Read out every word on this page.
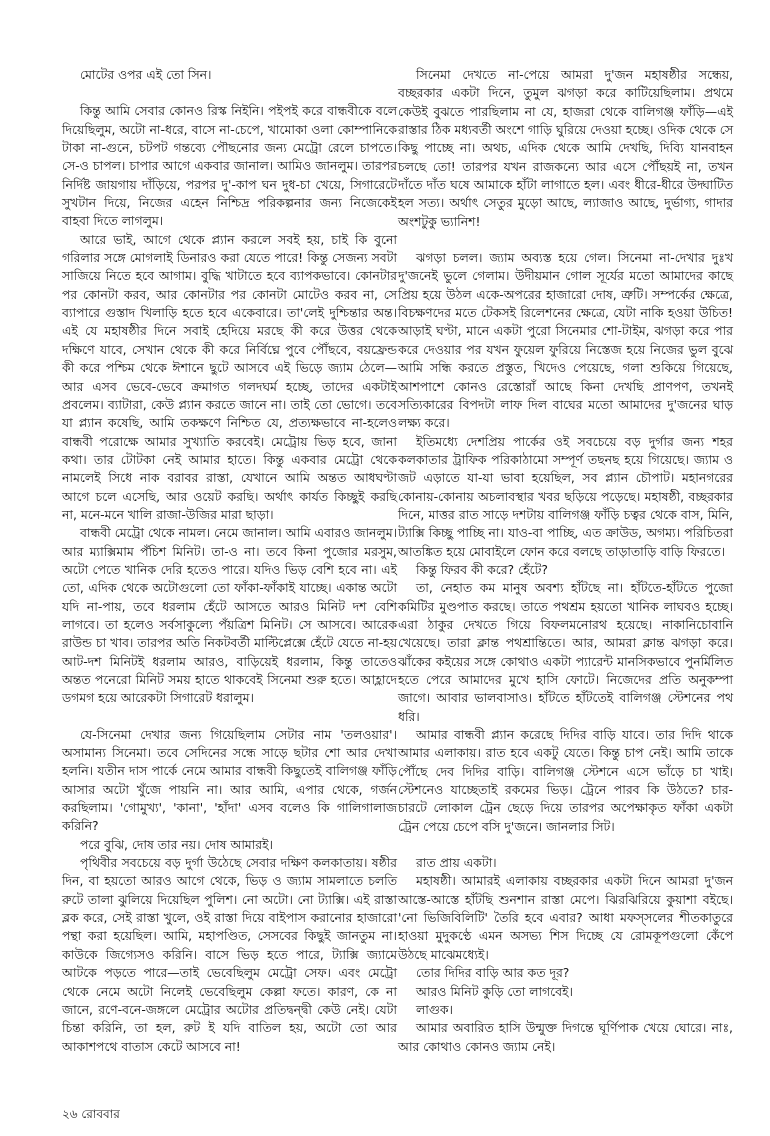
মোটের ওপর এই তো সিন।

কিন্তু আমি সেবার কোনও রিস্ক নিইনি। পইপই করে বান্ধবীকে বলে দিয়েছিলুম, অটো না-ধরে, বাসে না-চেপে, খামোকা ওলা কোম্পানিকে টাকা না-গুনে, চটপট গন্তব্যে পৌছনোর জন্য মেট্রো রেলে চাপতে। সে-ও চাপল। চাপার আগে একবার জানাল। আমিও জানলুম। তারপর নির্দিষ্ট জায়গায় দাঁড়িয়ে, পরপর দু'-কাপ ঘন দুধ-চা খেয়ে, সিগারেটে সুখটান দিয়ে, নিজের এহেন নিশ্চিদ্র পরিকল্পনার জন্য নিজেকেই বাহবা দিতে লাগলুম।

আরে ভাই, আগে থেকে প্ল্যান করলে সবই হয়, চাই কি বুনো গরিলার সঙ্গে মোগলাই ডিনারও করা যেতে পারে! কিন্তু সেজন্য সবটা সাজিয়ে নিতে হবে আগাম। বুদ্ধি খাটাতে হবে ব্যাপকভাবে। কোনটার পর কোনটা করব, আর কোনটার পর কোনটা মোটেও করব না, সে ব্যাপারে গুস্তাদ খিলাড়ি হতে হবে একেবারে। তা'লেই দুশ্চিন্তার অন্ত। এই যে মহাষষ্ঠীর দিনে সবাই হেদিয়ে মরছে কী করে উত্তর থেকে দক্ষিণে যাবে, সেখান থেকে কী করে নির্বিঘ্নে পুবে পৌঁছবে, বয়ফ্রেন্ড কী করে পশ্চিম থেকে ঈশানে ছুটে আসবে এই ভিড়ে জ্যাম ঠেলে—আর এসব ভেবে-ভেবে ক্রমাগত গলদঘর্ম হচ্ছে, তাদের একটাই প্রবলেম। ব্যাটারা, কেউ প্ল্যান করতে জানে না। তাই তো ভোগে। তবে যা প্ল্যান কষেছি, আমি তকক্ষণে নিশ্চিত যে, প্রত্যক্ষভাবে না-হলেও বান্ধবী পরোক্ষে আমার সুখ্যাতি করবেই। মেট্রোয় ভিড় হবে, জানা কথা। তার টোটকা নেই আমার হাতে। কিন্তু একবার মেট্রো থেকে নামলেই সিধে নাক বরাবর রাস্তা, যেখানে আমি অন্তত আধঘণ্টা আগে চলে এসেছি, আর ওয়েট করছি। অর্থাৎ কার্যত কিচ্ছুই করছি না, মনে-মনে খালি রাজা-উজির মারা ছাড়া।

বান্ধবী মেট্রো থেকে নামল। নেমে জানাল। আমি এবারও জানলুম। আর ম্যাক্সিমাম পঁচিশ মিনিট। তা-ও না। তবে কিনা পুজোর মরসুম, অটো পেতে খানিক দেরি হতেও পারে। যদিও ভিড় বেশি হবে না। এই তো, এদিক থেকে অটোগুলো তো ফাঁকা-ফাঁকাই যাচ্ছে। একান্ত অটো যদি না-পায়, তবে ধরলাম হেঁটে আসতে আরও মিনিট দশ বেশি লাগবে। তা হলেও সর্বসাকুল্যে পঁয়ত্রিশ মিনিট। সে আসবে। আরেক রাউন্ড চা খাব। তারপর অতি নিকটবর্তী মাল্টিপ্লেক্সে হেঁটে যেতে না-হয় আট-দশ মিনিটই ধরলাম আরও, বাড়িয়েই ধরলাম, কিন্তু তাতেও অন্তত পনেরো মিনিট সময় হাতে থাকবেই সিনেমা শুরু হতে। আহ্লাদে ডগমগ হয়ে আরেকটা সিগারেট ধরালুম।

যে-সিনেমা দেখার জন্য গিয়েছিলাম সেটার নাম 'তলওয়ার'। অসামান্য সিনেমা। তবে সেদিনের সন্ধে সাড়ে ছটার শো আর দেখা হলনি। যতীন দাস পার্কে নেমে আমার বান্ধবী কিছুতেই বালিগঞ্জ ফাঁড়ি আসার অটো খুঁজে পায়নি না। আর আমি, এপার থেকে, গর্জন করছিলাম। 'গোমুখ্য', 'কানা', 'হাঁদা' এসব বলেও কি গালিগালাজ করিনি?

পরে বুঝি, দোষ তার নয়। দোষ আমারই।

পৃথিবীর সবচেয়ে বড় দুর্গা উঠেছে সেবার দক্ষিণ কলকাতায়। ষষ্ঠীর দিন, বা হয়তো আরও আগে থেকে, ভিড় ও জ্যাম সামলাতে চলতি রুটে তালা ঝুলিয়ে দিয়েছিল পুলিশ। নো অটো। নো ট্যাক্সি। এই রাস্তা ব্লক করে, সেই রাস্তা খুলে, ওই রাস্তা দিয়ে বাইপাস করানোর হাজারো পন্থা করা হয়েছিল। আমি, মহাপণ্ডিত, সেসবের কিছুই জানতুম না। কাউকে জিগ্যেসও করিনি। বাসে ভিড় হতে পারে, ট্যাক্সি জ্যামে আটকে পড়তে পারে—তাই ভেবেছিলুম মেট্রো সেফ। এবং মেট্রো থেকে নেমে অটো নিলেই ভেবেছিলুম কেল্লা ফতে। কারণ, কে না জানে, রণে-বনে-জঙ্গলে মেট্রোর অটোর প্রতিদ্বন্দ্বী কেউ নেই। যেটা চিন্তা করিনি, তা হল, রুট ই যদি বাতিল হয়, অটো তো আর আকাশপথে বাতাস কেটে আসবে না!

সিনেমা দেখতে না-পেয়ে আমরা দু'জন মহাষষ্ঠীর সন্ধেয়, বচ্ছরকার একটা দিনে, তুমুল ঝগড়া করে কাটিয়েছিলাম। প্রথমে কেউই বুঝতে পারছিলাম না যে, হাজরা থেকে বালিগঞ্জ ফাঁড়ি—এই রাস্তার ঠিক মধ্যবর্তী অংশে গাড়ি ঘুরিয়ে দেওয়া হচ্ছে। ওদিক থেকে সে কিছু পাচ্ছে না। অথচ, এদিক থেকে আমি দেখছি, দিব্যি যানবাহন চলছে তো! তারপর যখন রাজকন্যে আর এসে পৌঁছয়ই না, তখন দাঁতে দাঁত ঘষে আমাকে হাঁটা লাগাতে হল। এবং ধীরে-ধীরে উদ্ঘাটিত হল সত্য। অর্থাৎ সেতুর মুড়ো আছে, ল্যাজাও আছে, দুর্ভাগ্য, গাদার অংশটুকু ভ্যানিশ!

ঝগড়া চলল। জ্যাম অব্যস্ত হয়ে গেল। সিনেমা না-দেখার দুঃখ দু'জনেই ভুলে গেলাম। উদীয়মান গোল সূর্যের মতো আমাদের কাছে প্রিয় হয়ে উঠল একে-অপরের হাজারো দোষ, ত্রুটি। সম্পর্কের ক্ষেত্রে, বিচক্ষণদের মতে টেকসই রিলেশনের ক্ষেত্রে, যেটা নাকি হওয়া উচিত! আড়াই ঘণ্টা, মানে একটা পুরো সিনেমার শো-টাইম, ঝগড়া করে পার করে দেওয়ার পর যখন ফুয়েল ফুরিয়ে নিস্তেজ হয়ে নিজের ভুল বুঝে আমি সন্ধি করতে প্রস্তুত, খিদেও পেয়েছে, গলা শুকিয়ে গিয়েছে, আশপাশে কোনও রেস্তোরাঁ আছে কিনা দেখছি প্রাণপণ, তখনই সত্যিকারের বিপদটা লাফ দিল বাঘের মতো আমাদের দু'জনের ঘাড় লক্ষ্য করে।

ইতিমধ্যে দেশপ্রিয় পার্কের ওই সবচেয়ে বড় দুর্গার জন্য শহর কলকাতার ট্রাফিক পরিকাঠামো সম্পূর্ণ তছনছ হয়ে গিয়েছে। জ্যাম ও জট এড়াতে যা-যা ভাবা হয়েছিল, সব প্ল্যান চৌপাট। মহানগরের কোনায়-কোনায় অচলাবস্থার খবর ছড়িয়ে পড়েছে। মহাষষ্ঠী, বচ্ছরকার দিনে, মাত্তর রাত সাড়ে দশটায় বালিগঞ্জ ফাঁড়ি চত্বর থেকে বাস, মিনি, ট্যাক্সি কিচ্ছু পাচ্ছি না। যাও-বা পাচ্ছি, এত ক্রাউড, অগম্য। পরিচিতরা আতঙ্কিত হয়ে মোবাইলে ফোন করে বলছে তাড়াতাড়ি বাড়ি ফিরতে।

কিন্তু ফিরব কী করে? হেঁটে?

তা, নেহাত কম মানুষ অবশ্য হাঁটছে না। হাঁটতে-হাঁটতে পুজো কমিটির মুণ্ডপাত করছে। তাতে পথশ্রম হয়তো খানিক লাঘবও হচ্ছে। এরা ঠাকুর দেখতে গিয়ে বিফলমনোরথ হয়েছে। নাকানিচোবানি খেয়েছে। তারা ক্লান্ত পথশ্রান্তিতে। আর, আমরা ক্লান্ত ঝগড়া করে। ঝাঁকের কইয়ের সঙ্গে কোথাও একটা প্যারেন্ট মানসিকভাবে পুনর্মিলিত হতে পেরে আমাদের মুখে হাসি ফোটে। নিজেদের প্রতি অনুকম্পা জাগে। আবার ভালবাসাও। হাঁটতে হাঁটতেই বালিগঞ্জ স্টেশনের পথ ধরি।

আমার বান্ধবী প্ল্যান করেছে দিদির বাড়ি যাবে। তার দিদি থাকে আমার এলাকায়। রাত হবে একটু যেতে। কিন্তু চাপ নেই। আমি তাকে পৌঁছে দেব দিদির বাড়ি। বালিগঞ্জ স্টেশনে এসে ভাঁড়ে চা খাই। স্টেশনেও যাচ্ছেতাই রকমের ভিড়। ট্রেনে পারব কি উঠতে? চার-চারটে লোকাল ট্রেন ছেড়ে দিয়ে তারপর অপেক্ষাকৃত ফাঁকা একটা ট্রেন পেয়ে চেপে বসি দু'জনে। জানলার সিট।

রাত প্রায় একটা।

মহাষষ্ঠী। আমারই এলাকায় বচ্ছরকার একটা দিনে আমরা দু'জন আস্তে-আস্তে হাঁটছি শুনশান রাস্তা মেপে। ঝিরঝিরিয়ে কুয়াশা বইছে। 'নো ভিজিবিলিটি' তৈরি হবে এবার? আধা মফস্সলের শীতকাতুরে হাওয়া মুদুকণ্ঠে এমন অসভ্য শিস দিচ্ছে যে রোমকূপগুলো কেঁপে উঠছে মাঝেমধ্যেই।

তোর দিদির বাড়ি আর কত দূর?

আরও মিনিট কুড়ি তো লাগবেই।

লাগুক।

আমার অবারিত হাসি উন্মুক্ত দিগন্তে ঘূর্ণিপাক খেয়ে ঘোরে। নাঃ, আর কোথাও কোনও জ্যাম নেই।

২৬ রোববার
